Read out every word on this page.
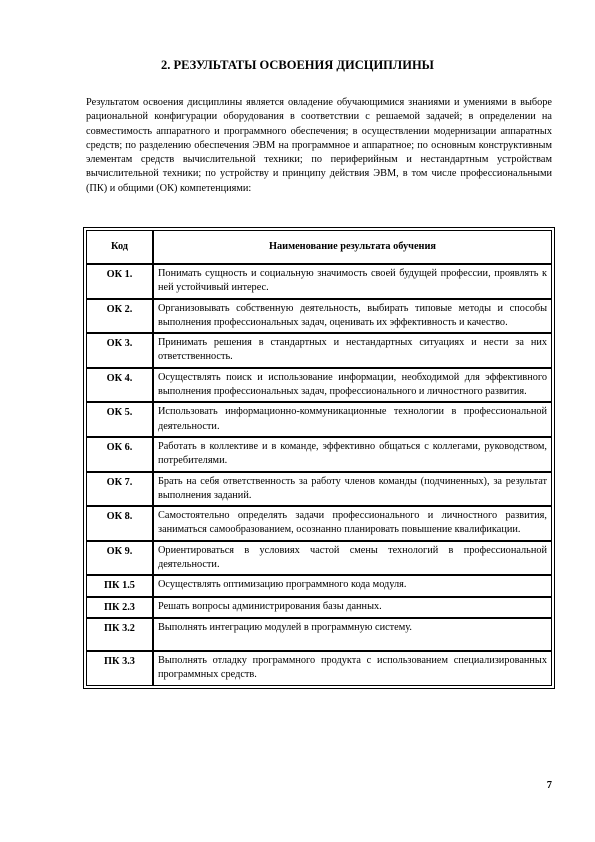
2. РЕЗУЛЬТАТЫ ОСВОЕНИЯ ДИСЦИПЛИНЫ
Результатом освоения дисциплины является овладение обучающимися знаниями и умениями в выборе рациональной конфигурации оборудования в соответствии с решаемой задачей; в определении на совместимость аппаратного и программного обеспечения; в осуществлении модернизации аппаратных средств; по разделению обеспечения ЭВМ на программное и аппаратное; по основным конструктивным элементам средств вычислительной техники; по периферийным и нестандартным устройствам вычислительной техники; по устройству и принципу действия ЭВМ, в том числе профессиональными (ПК) и общими (ОК) компетенциями:
Код	Наименование результата обучения
ОК 1.	Понимать сущность и социальную значимость своей будущей профессии, проявлять к ней устойчивый интерес.
ОК 2.	Организовывать собственную деятельность, выбирать типовые методы и способы выполнения профессиональных задач, оценивать их эффективность и качество.
ОК 3.	Принимать решения в стандартных и нестандартных ситуациях и нести за них ответственность.
ОК 4.	Осуществлять поиск и использование информации, необходимой для эффективного выполнения профессиональных задач, профессионального и личностного развития.
ОК 5.	Использовать информационно-коммуникационные технологии в профессиональной деятельности.
ОК 6.	Работать в коллективе и в команде, эффективно общаться с коллегами, руководством, потребителями.
ОК 7.	Брать на себя ответственность за работу членов команды (подчиненных), за результат выполнения заданий.
ОК 8.	Самостоятельно определять задачи профессионального и личностного развития, заниматься самообразованием, осознанно планировать повышение квалификации.
ОК 9.	Ориентироваться в условиях частой смены технологий в профессиональной деятельности.
ПК 1.5	Осуществлять оптимизацию программного кода модуля.
ПК 2.3	Решать вопросы администрирования базы данных.
ПК 3.2	Выполнять интеграцию модулей в программную систему.
ПК 3.3	Выполнять отладку программного продукта с использованием специализированных программных средств.
7
